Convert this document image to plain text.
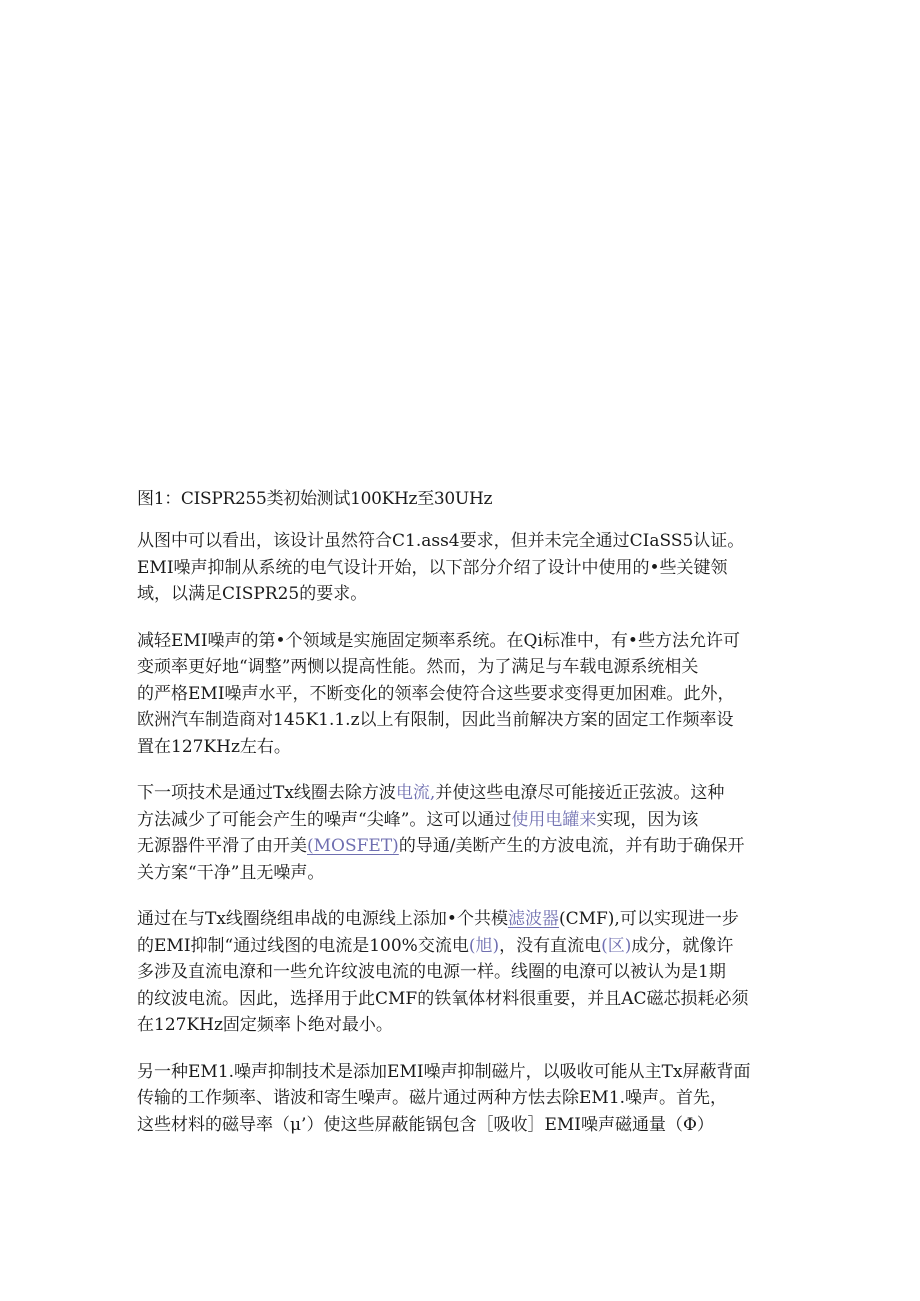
图1：CISPR255类初始测试100KHz至30UHz
从图中可以看出，该设计虽然符合C1.ass4要求，但并未完全通过CIaSS5认证。
EMI噪声抑制从系统的电气设计开始，以下部分介绍了设计中使用的•些关键领
域，以满足CISPR25的要求。
减轻EMI噪声的第•个领域是实施固定频率系统。在Qi标准中，有•些方法允许可
变顽率更好地“调整”两恻以提高性能。然而，为了满足与车载电源系统相关
的严格EMI噪声水平，不断变化的领率会使符合这些要求变得更加困难。此外，
欧洲汽车制造商对145K1.1.z以上有限制，因此当前解决方案的固定工作频率设
置在127KHz左右。
下一项技术是通过Tx线圈去除方波电流,并使这些电潦尽可能接近正弦波。这种
方法减少了可能会产生的噪声“尖峰”。这可以通过使用电罐来实现，因为该
无源器件平滑了由开美(MOSFET)的导通/美断产生的方波电流，并有助于确保开
关方案“干净”且无噪声。
通过在与Tx线圈绕组串战的电源线上添加•个共模滤波器(CMF),可以实现进一步
的EMI抑制“通过线图的电流是100%交流电(旭)，没有直流电(区)成分，就像许
多涉及直流电潦和一些允许纹波电流的电源一样。线圈的电潦可以被认为是1期
的纹波电流。因此，选择用于此CMF的铁氧体材料很重要，并且AC磁芯损耗必须
在127KHz固定频率卜绝对最小。
另一种EM1.噪声抑制技术是添加EMI噪声抑制磁片，以吸收可能从主Tx屏蔽背面
传输的工作频率、谐波和寄生噪声。磁片通过两种方怯去除EM1.噪声。首先，
这些材料的磁导率（μ’）使这些屏蔽能锅包含［吸收］EMI噪声磁通量（Φ）
